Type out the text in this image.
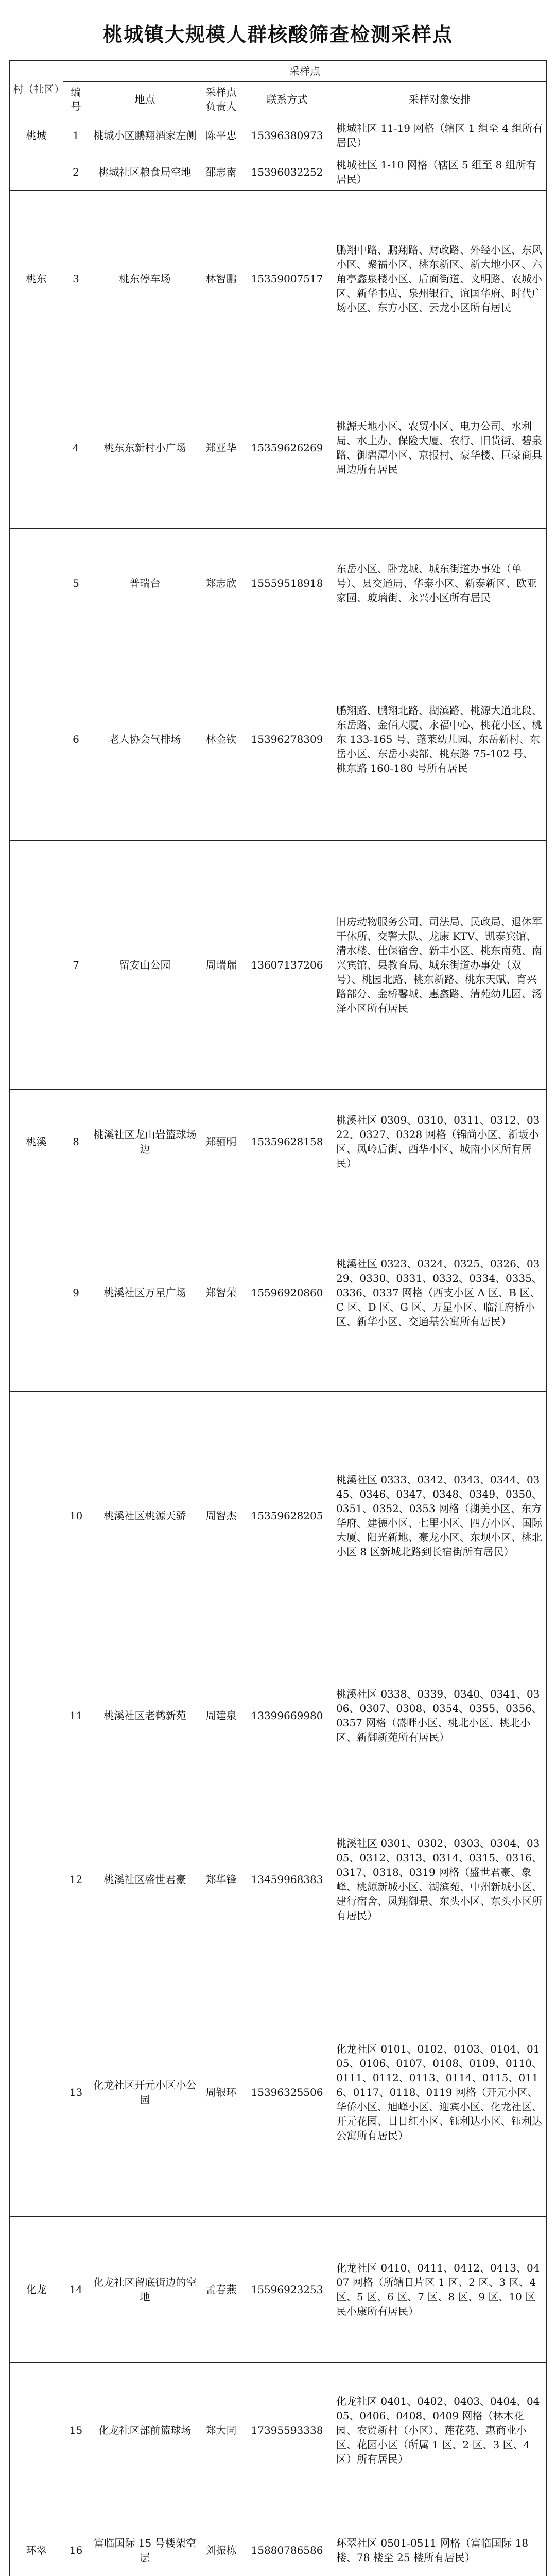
桃城镇大规模人群核酸筛查检测采样点
村（社区）	采样点				
	编号	地点	采样点负责人	联系方式	采样对象安排
桃城	1	桃城小区鹏翔酒家左侧	陈平忠	15396380973	桃城社区 11-19 网格（辖区 1 组至 4 组所有居民）
	2	桃城社区粮食局空地	邵志南	15396032252	桃城社区 1-10 网格（辖区 5 组至 8 组所有居民）
桃东	3	桃东停车场	林智鹏	15359007517	鹏翔中路、鹏翔路、财政路、外经小区、东风小区、聚福小区、桃东新区、新大地小区、六角亭鑫泉楼小区、后面街道、文明路、农城小区、新华书店、泉州银行、谊国华府、时代广场小区、东方小区、云龙小区所有居民
	4	桃东东新村小广场	郑亚华	15359626269	桃源天地小区、农贸小区、电力公司、水利局、水土办、保险大厦、农行、旧货街、碧泉路、御碧潭小区、京报村、豪华楼、巨豪商具周边所有居民
	5	普瑞台	郑志欣	15559518918	东岳小区、卧龙城、城东街道办事处（单号）、县交通局、华泰小区、新泰新区、欧亚家园、玻璃街、永兴小区所有居民
	6	老人协会气排场	林金钦	15396278309	鹏翔路、鹏翔北路、湖滨路、桃源大道北段、东岳路、金佰大厦、永福中心、桃花小区、桃东 133-165 号、蓬莱幼儿园、东岳新村、东岳小区、东岳小卖部、桃东路 75-102 号、桃东路 160-180 号所有居民
	7	留安山公园	周瑞瑞	13607137206	旧房动物服务公司、司法局、民政局、退休军干休所、交警大队、龙康 KTV、凯泰宾馆、清水楼、仕保宿舍、新丰小区、桃东南苑、南兴宾馆、县教育局、城东街道办事处（双号）、桃园北路、桃东新路、桃东天赋、育兴路部分、金桥馨城、惠鑫路、清苑幼儿园、汤泽小区所有居民
桃溪	8	桃溪社区龙山岩篮球场边	郑骊明	15359628158	桃溪社区 0309、0310、0311、0312、0322、0327、0328 网格（锦尚小区、新坂小区、凤岭后街、西华小区、城南小区所有居民）
	9	桃溪社区万星广场	郑智荣	15596920860	桃溪社区 0323、0324、0325、0326、0329、0330、0331、0332、0334、0335、0336、0337 网格（西支小区 A 区、B 区、C 区、D 区、G 区、万星小区、临江府桥小区、新华小区、交通基公寓所有居民）
	10	桃溪社区桃源天骄	周智杰	15359628205	桃溪社区 0333、0342、0343、0344、0345、0346、0347、0348、0349、0350、0351、0352、0353 网格（湖美小区、东方华府、建德小区、七里小区、四方小区、国际大厦、阳光新地、豪龙小区、东坝小区、桃北小区 8 区新城北路到长宿街所有居民）
	11	桃溪社区老鹤新苑	周建泉	13399669980	桃溪社区 0338、0339、0340、0341、0306、0307、0308、0354、0355、0356、0357 网格（盛畔小区、桃北小区、桃北小区、新御新苑所有居民）
	12	桃溪社区盛世君豪	郑华锋	13459968383	桃溪社区 0301、0302、0303、0304、0305、0312、0313、0314、0315、0316、0317、0318、0319 网格（盛世君豪、象峰、桃源新城小区、湖滨苑、中州新城小区、建行宿舍、凤翔御景、东头小区、东头小区所有居民）
	13	化龙社区开元小区小公园	周银环	15396325506	化龙社区 0101、0102、0103、0104、0105、0106、0107、0108、0109、0110、0111、0112、0113、0114、0115、0116、0117、0118、0119 网格（开元小区、华侨小区、旭峰小区、迎宾小区、化龙社区、开元花园、日日红小区、钰利达小区、钰利达公寓所有居民）
化龙	14	化龙社区留底街边的空地	孟春燕	15596923253	化龙社区 0410、0411、0412、0413、0407 网格（所辖日片区 1 区、2 区、3 区、4 区、5 区、6 区、7 区、8 区、9 区、10 区民小康所有居民）
	15	化龙社区部前篮球场	郑大同	17395593338	化龙社区 0401、0402、0403、0404、0405、0406、0408、0409 网格（林木花园、农贸新村（小区）、莲花苑、惠商业小区、花园小区（所属 1 区、2 区、3 区、4 区）所有居民）
环翠	16	富临国际 15 号楼架空层	刘振栋	15880786586	环翠社区 0501-0511 网格（富临国际 18 楼、78 楼至 25 楼所有居民）
